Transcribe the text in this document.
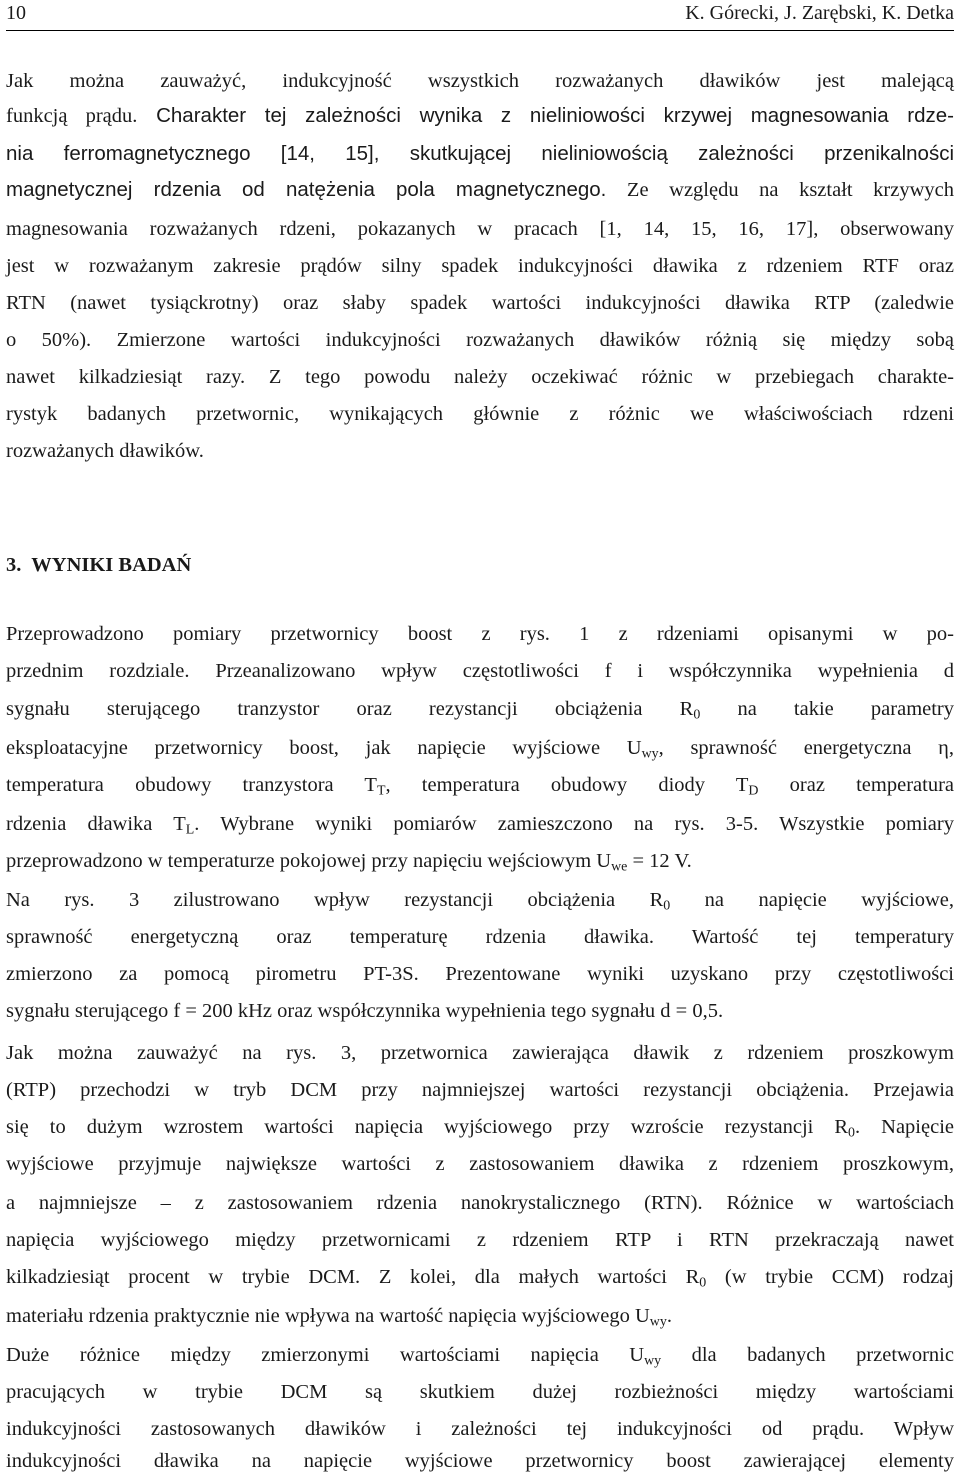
10	K. Górecki, J. Zarębski, K. Detka
Jak można zauważyć, indukcyjność wszystkich rozważanych dławików jest malejącą
funkcją prądu. Charakter tej zależności wynika z nieliniowości krzywej magnesowania rdze-
nia ferromagnetycznego [14, 15], skutkującej nieliniowością zależności przenikalności
magnetycznej rdzenia od natężenia pola magnetycznego. Ze względu na kształt krzywych
magnesowania rozważanych rdzeni, pokazanych w pracach [1, 14, 15, 16, 17], obserwowany
jest w rozważanym zakresie prądów silny spadek indukcyjności dławika z rdzeniem RTF oraz
RTN (nawet tysiąckrotny) oraz słaby spadek wartości indukcyjności dławika RTP (zaledwie
o 50%). Zmierzone wartości indukcyjności rozważanych dławików różnią się między sobą
nawet kilkadziesiąt razy. Z tego powodu należy oczekiwać różnic w przebiegach charakte-
rystyk badanych przetwornic, wynikających głównie z różnic we właściwościach rdzeni
rozważanych dławików.
3. WYNIKI BADAŃ
Przeprowadzono pomiary przetwornicy boost z rys. 1 z rdzeniami opisanymi w po-
przednim rozdziale. Przeanalizowano wpływ częstotliwości f i współczynnika wypełnienia d
sygnału sterującego tranzystor oraz rezystancji obciążenia $R_0$ na takie parametry
eksploatacyjne przetwornicy boost, jak napięcie wyjściowe $U_{wy}$, sprawność energetyczna η,
temperatura obudowy tranzystora $T_T$, temperatura obudowy diody $T_D$ oraz temperatura
rdzenia dławika $T_L$. Wybrane wyniki pomiarów zamieszczono na rys. 3-5. Wszystkie pomiary
przeprowadzono w temperaturze pokojowej przy napięciu wejściowym $U_{we} = 12$ V.
Na rys. 3 zilustrowano wpływ rezystancji obciążenia $R_0$ na napięcie wyjściowe,
sprawność energetyczną oraz temperaturę rdzenia dławika. Wartość tej temperatury
zmierzono za pomocą pirometru PT-3S. Prezentowane wyniki uzyskano przy częstotliwości
sygnału sterującego f = 200 kHz oraz współczynnika wypełnienia tego sygnału d = 0,5.
Jak można zauważyć na rys. 3, przetwornica zawierająca dławik z rdzeniem proszkowym
(RTP) przechodzi w tryb DCM przy najmniejszej wartości rezystancji obciążenia. Przejawia
się to dużym wzrostem wartości napięcia wyjściowego przy wzroście rezystancji $R_0$. Napięcie
wyjściowe przyjmuje największe wartości z zastosowaniem dławika z rdzeniem proszkowym,
a najmniejsze – z zastosowaniem rdzenia nanokrystalicznego (RTN). Różnice w wartościach
napięcia wyjściowego między przetwornicami z rdzeniem RTP i RTN przekraczają nawet
kilkadziesiąt procent w trybie DCM. Z kolei, dla małych wartości $R_0$ (w trybie CCM) rodzaj
materiału rdzenia praktycznie nie wpływa na wartość napięcia wyjściowego $U_{wy}$.
Duże różnice między zmierzonymi wartościami napięcia $U_{wy}$ dla badanych przetwornic
pracujących w trybie DCM są skutkiem dużej rozbieżności między wartościami
indukcyjności zastosowanych dławików i zależności tej indukcyjności od prądu. Wpływ
indukcyjności dławika na napięcie wyjściowe przetwornicy boost zawierającej elementy
